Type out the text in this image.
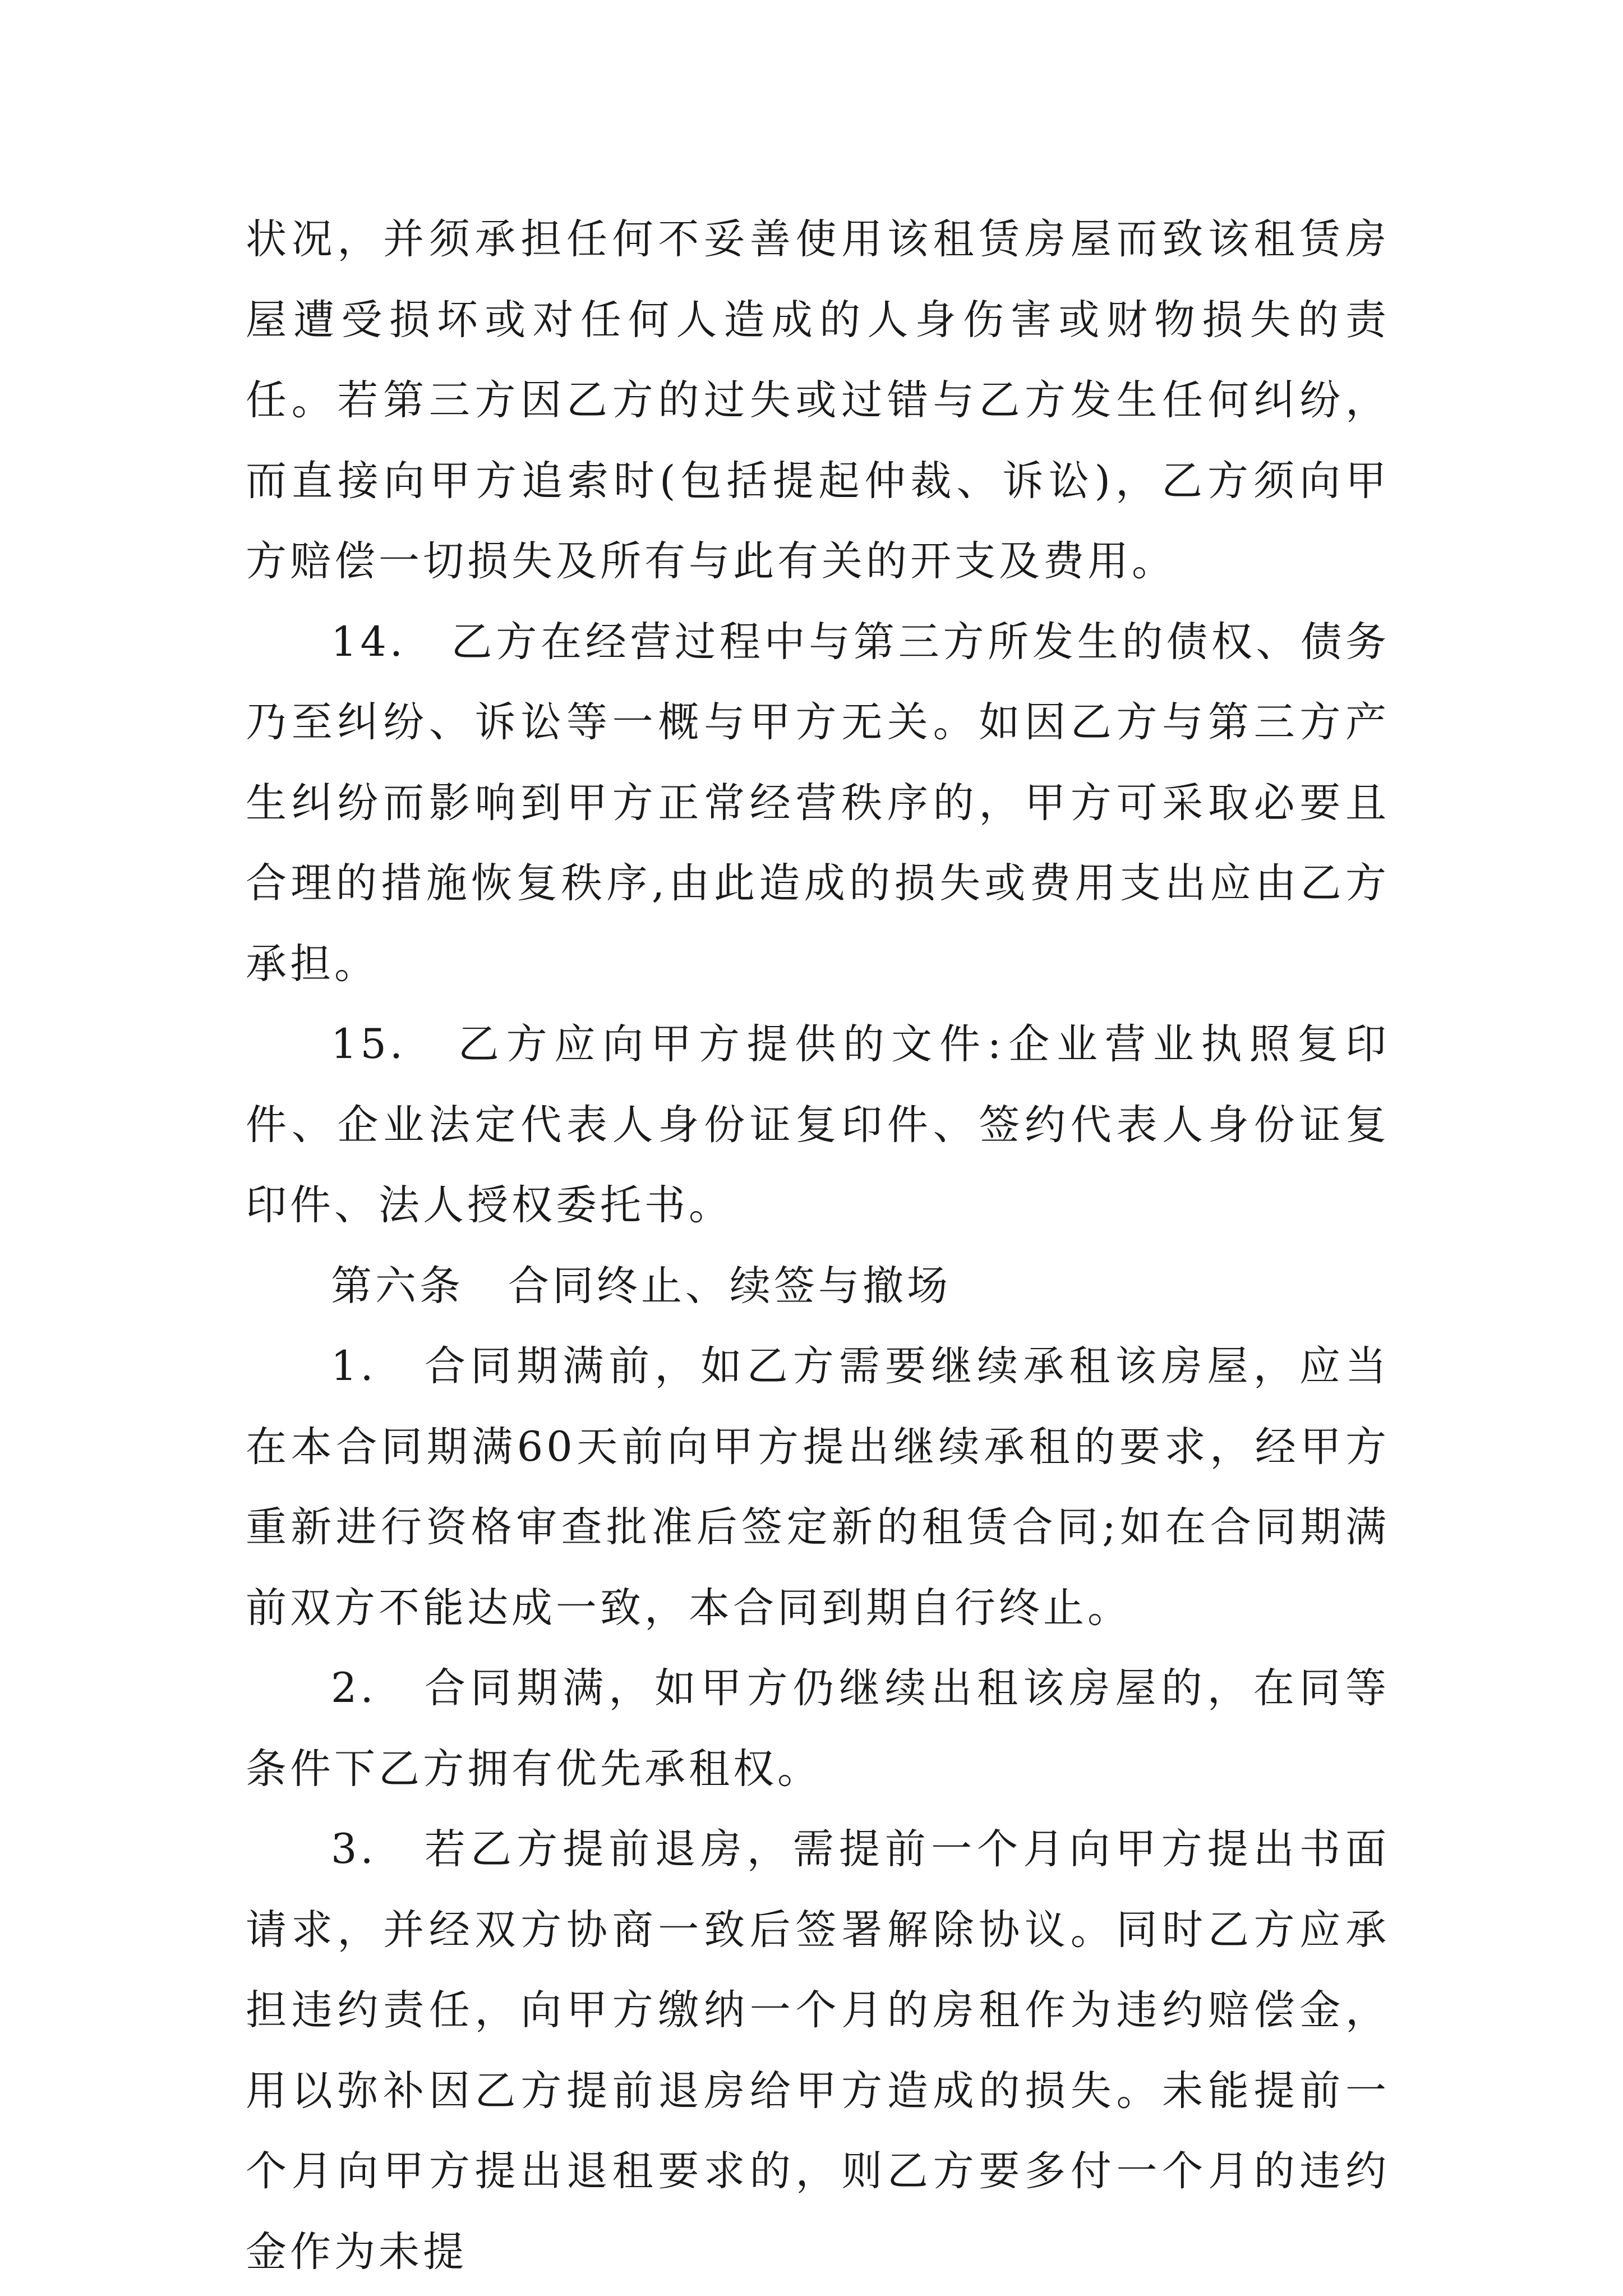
状况，并须承担任何不妥善使用该租赁房屋而致该租赁房屋遭受损坏或对任何人造成的人身伤害或财物损失的责任。若第三方因乙方的过失或过错与乙方发生任何纠纷，而直接向甲方追索时(包括提起仲裁、诉讼)，乙方须向甲方赔偿一切损失及所有与此有关的开支及费用。

14.　乙方在经营过程中与第三方所发生的债权、债务乃至纠纷、诉讼等一概与甲方无关。如因乙方与第三方产生纠纷而影响到甲方正常经营秩序的，甲方可采取必要且合理的措施恢复秩序,由此造成的损失或费用支出应由乙方承担。

15.　乙方应向甲方提供的文件:企业营业执照复印件、企业法定代表人身份证复印件、签约代表人身份证复印件、法人授权委托书。

第六条　合同终止、续签与撤场

1.　合同期满前，如乙方需要继续承租该房屋，应当在本合同期满60天前向甲方提出继续承租的要求，经甲方重新进行资格审查批准后签定新的租赁合同;如在合同期满前双方不能达成一致，本合同到期自行终止。

2.　合同期满，如甲方仍继续出租该房屋的，在同等条件下乙方拥有优先承租权。

3.　若乙方提前退房，需提前一个月向甲方提出书面请求，并经双方协商一致后签署解除协议。同时乙方应承担违约责任，向甲方缴纳一个月的房租作为违约赔偿金，用以弥补因乙方提前退房给甲方造成的损失。未能提前一个月向甲方提出退租要求的，则乙方要多付一个月的违约金作为未提
